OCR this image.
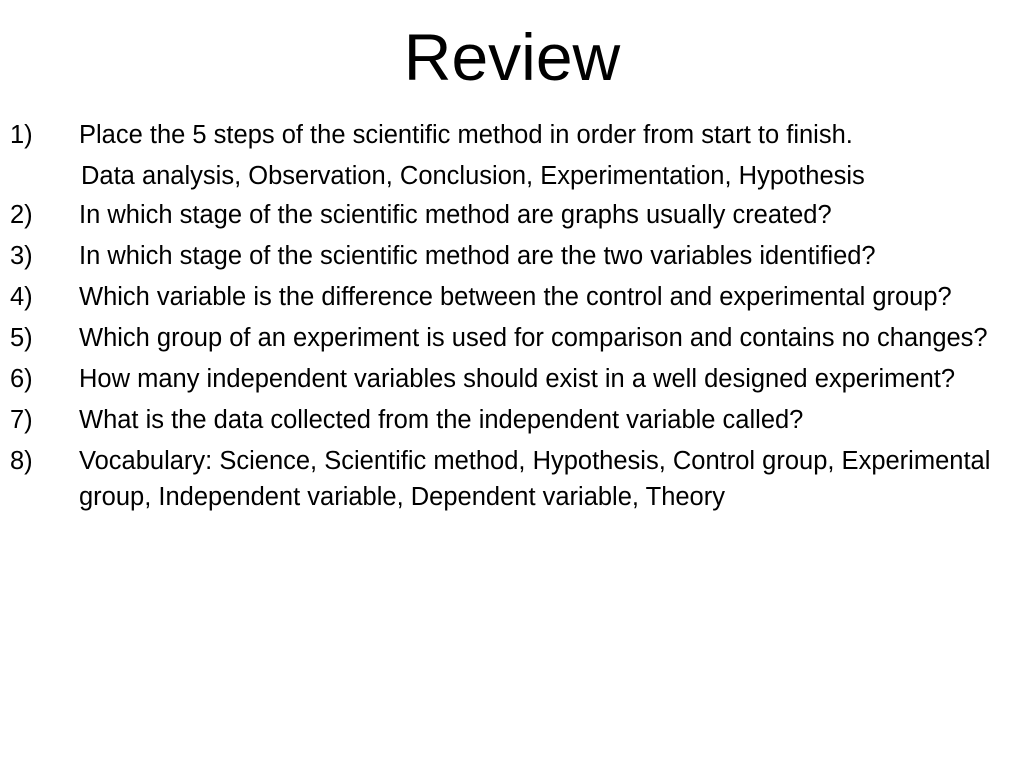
Review
1) Place the 5 steps of the scientific method in order from start to finish.
Data analysis, Observation, Conclusion, Experimentation, Hypothesis
2) In which stage of the scientific method are graphs usually created?
3) In which stage of the scientific method are the two variables identified?
4) Which variable is the difference between the control and experimental group?
5) Which group of an experiment is used for comparison and contains no changes?
6) How many independent variables should exist in a well designed experiment?
7) What is the data collected from the independent variable called?
8) Vocabulary: Science, Scientific method, Hypothesis, Control group, Experimental group, Independent variable, Dependent variable, Theory
